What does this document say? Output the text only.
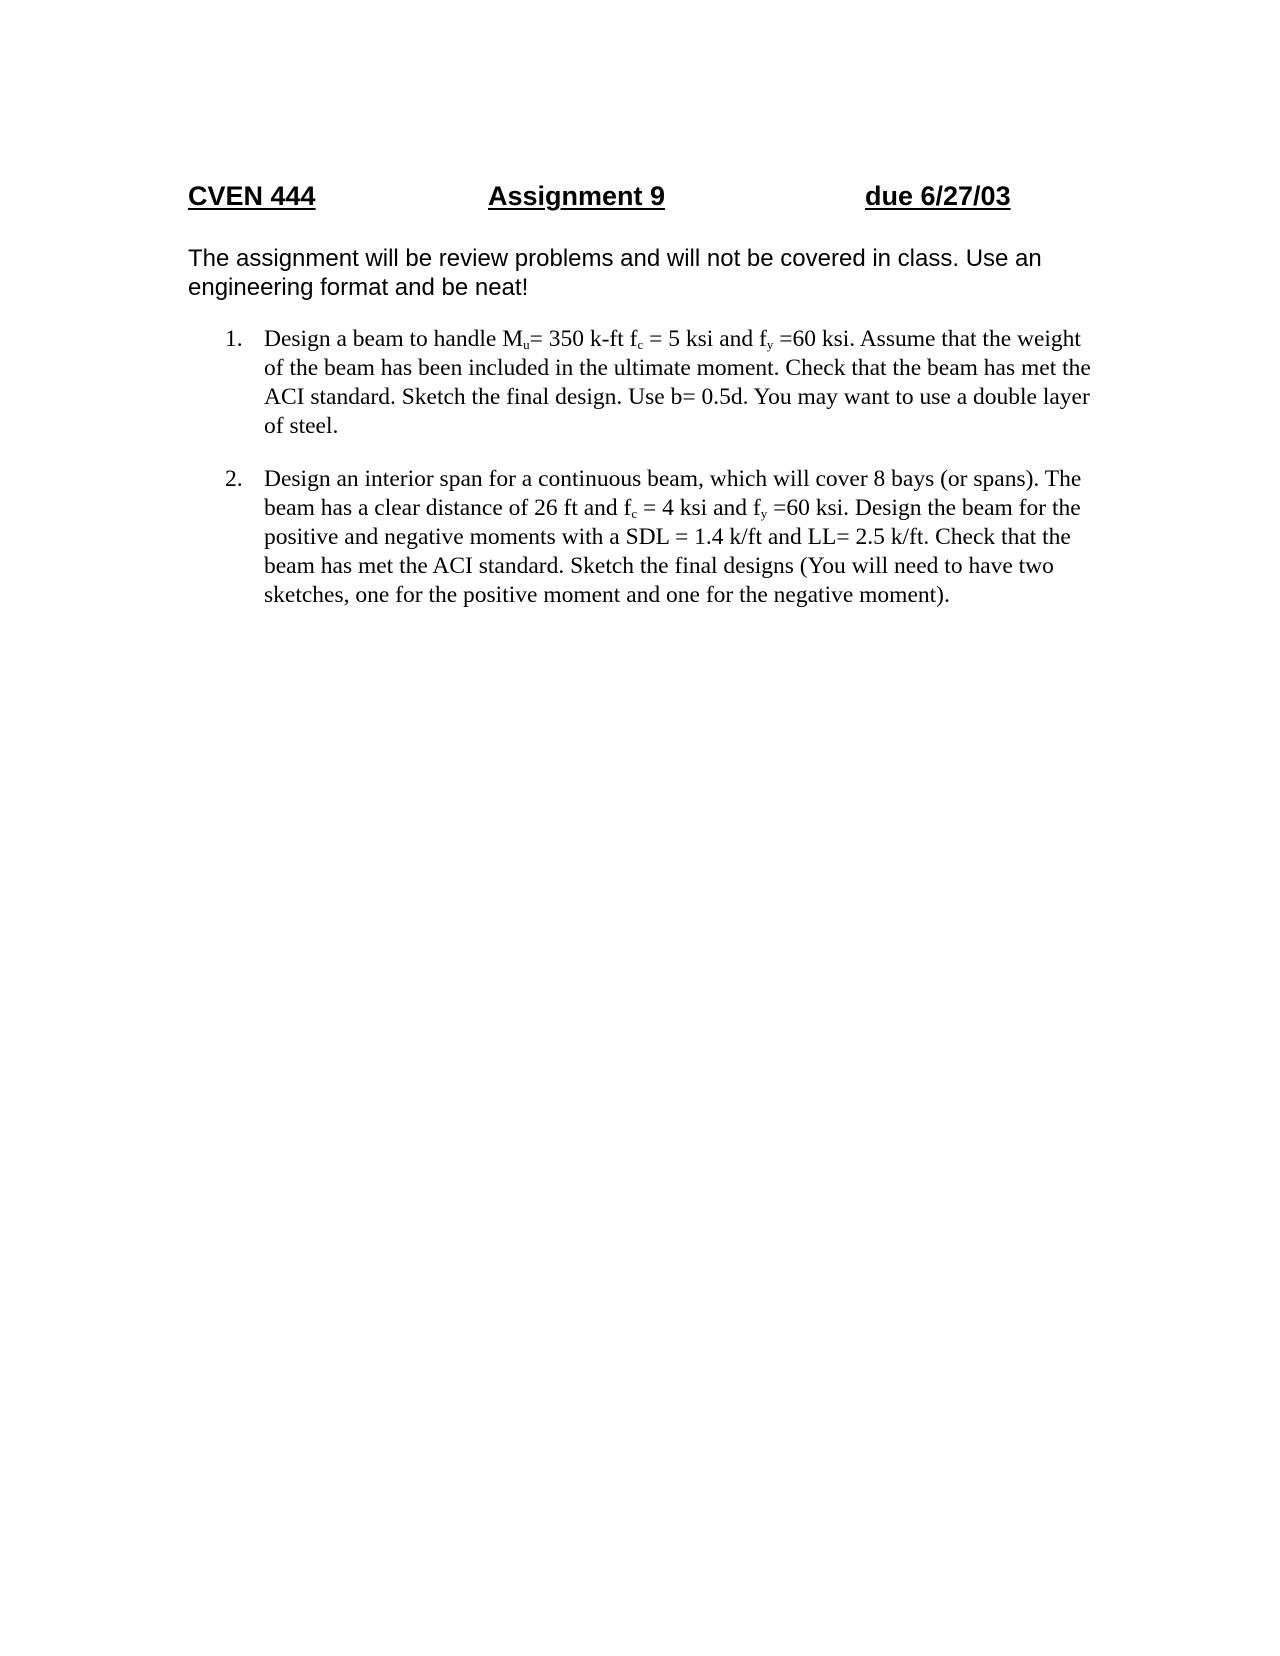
CVEN 444	Assignment 9	due 6/27/03
The assignment will be review problems and will not be covered in class. Use an
engineering format and be neat!
1. Design a beam to handle $M_u= 350$ k-ft $f_c = 5$ ksi and $f_y =60$ ksi. Assume that the weight of the beam has been included in the ultimate moment. Check that the beam has met the ACI standard. Sketch the final design. Use b= 0.5d. You may want to use a double layer of steel.
2. Design an interior span for a continuous beam, which will cover 8 bays (or spans). The beam has a clear distance of 26 ft and $f_c = 4$ ksi and $f_y =60$ ksi. Design the beam for the positive and negative moments with a SDL = 1.4 k/ft and LL= 2.5 k/ft. Check that the beam has met the ACI standard. Sketch the final designs (You will need to have two sketches, one for the positive moment and one for the negative moment).
